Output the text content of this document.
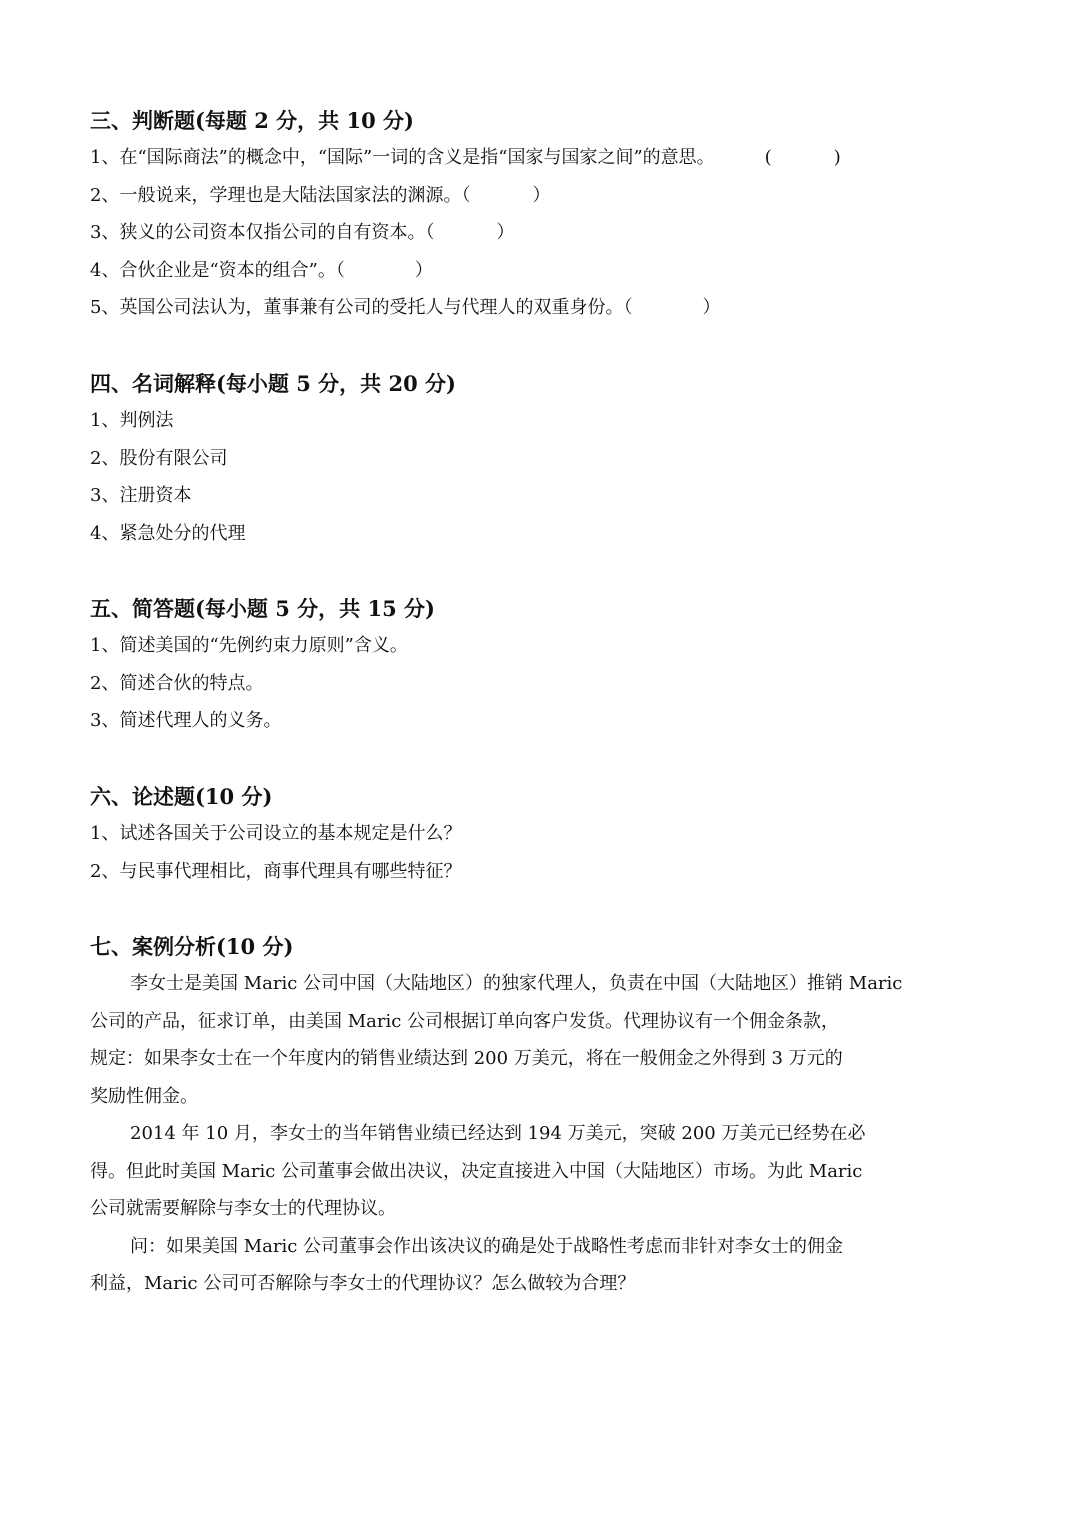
三、判断题(每题 2 分，共 10 分)
1、在“国际商法”的概念中，“国际”一词的含义是指“国家与国家之间”的意思。	(	)
2、一般说来，学理也是大陆法国家法的渊源。（	）
3、狭义的公司资本仅指公司的自有资本。（	）
4、合伙企业是“资本的组合”。（	）
5、英国公司法认为，董事兼有公司的受托人与代理人的双重身份。（	）
四、名词解释(每小题 5 分，共 20 分)
1、判例法
2、股份有限公司
3、注册资本
4、紧急处分的代理
五、简答题(每小题 5 分，共 15 分)
1、简述美国的“先例约束力原则”含义。
2、简述合伙的特点。
3、简述代理人的义务。
六、论述题(10 分)
1、试述各国关于公司设立的基本规定是什么？
2、与民事代理相比，商事代理具有哪些特征？
七、案例分析(10 分)
李女士是美国 Maric 公司中国（大陆地区）的独家代理人，负责在中国（大陆地区）推销 Maric
公司的产品，征求订单，由美国 Maric 公司根据订单向客户发货。代理协议有一个佣金条款，
规定：如果李女士在一个年度内的销售业绩达到 200 万美元，将在一般佣金之外得到 3 万元的
奖励性佣金。
2014 年 10 月，李女士的当年销售业绩已经达到 194 万美元，突破 200 万美元已经势在必
得。但此时美国 Maric 公司董事会做出决议，决定直接进入中国（大陆地区）市场。为此 Maric
公司就需要解除与李女士的代理协议。
问：如果美国 Maric 公司董事会作出该决议的确是处于战略性考虑而非针对李女士的佣金
利益，Maric 公司可否解除与李女士的代理协议？怎么做较为合理？
